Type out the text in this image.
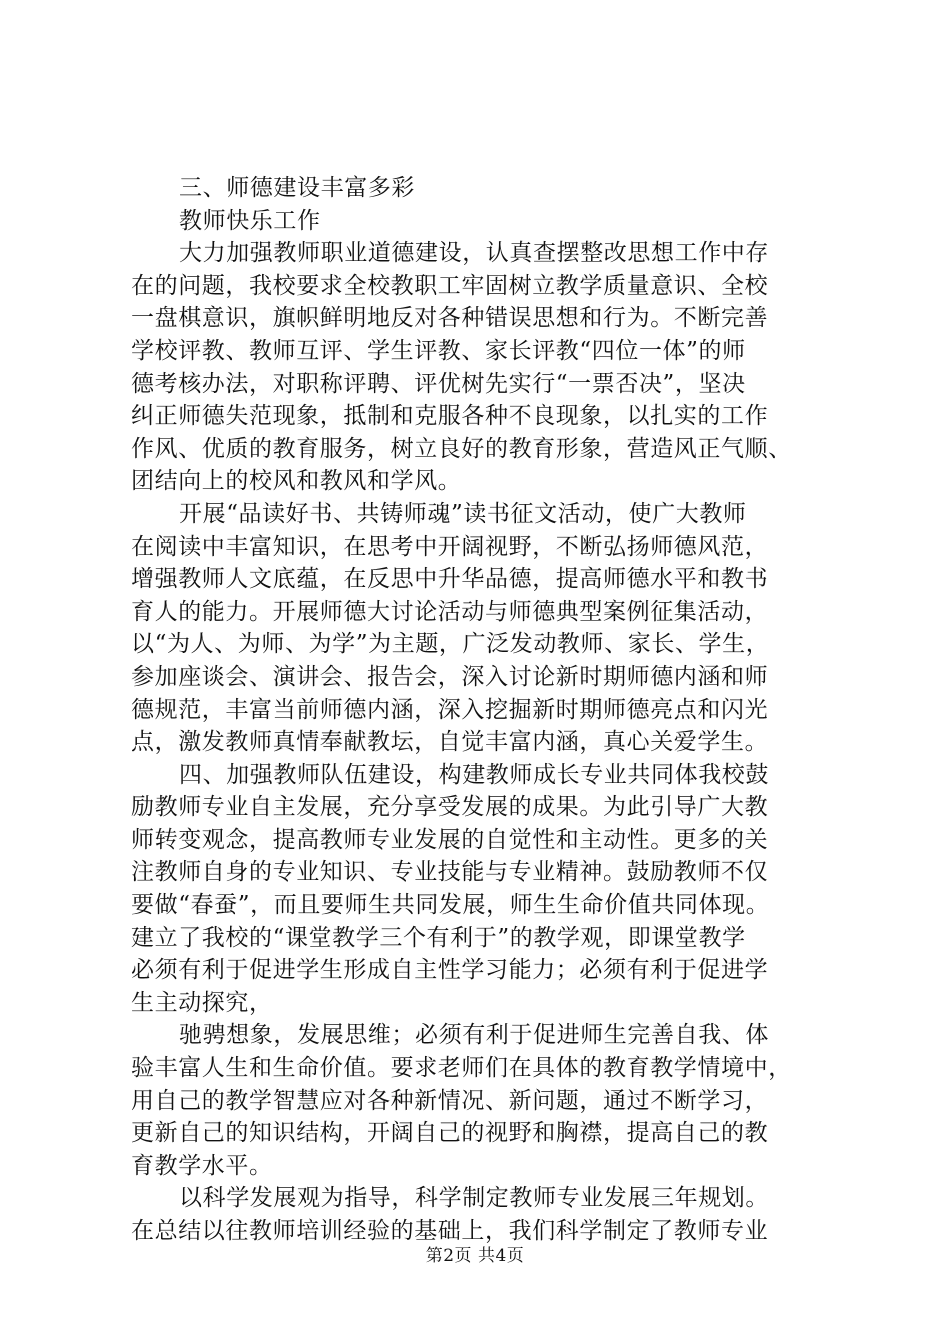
三、师德建设丰富多彩
教师快乐工作
大力加强教师职业道德建设，认真查摆整改思想工作中存
在的问题，我校要求全校教职工牢固树立教学质量意识、全校
一盘棋意识，旗帜鲜明地反对各种错误思想和行为。不断完善
学校评教、教师互评、学生评教、家长评教“四位一体”的师
德考核办法，对职称评聘、评优树先实行“一票否决”，坚决
纠正师德失范现象，抵制和克服各种不良现象，以扎实的工作
作风、优质的教育服务，树立良好的教育形象，营造风正气顺、
团结向上的校风和教风和学风。
开展“品读好书、共铸师魂”读书征文活动，使广大教师
在阅读中丰富知识，在思考中开阔视野，不断弘扬师德风范，
增强教师人文底蕴，在反思中升华品德，提高师德水平和教书
育人的能力。开展师德大讨论活动与师德典型案例征集活动，
以“为人、为师、为学”为主题，广泛发动教师、家长、学生，
参加座谈会、演讲会、报告会，深入讨论新时期师德内涵和师
德规范，丰富当前师德内涵，深入挖掘新时期师德亮点和闪光
点，激发教师真情奉献教坛，自觉丰富内涵，真心关爱学生。
四、加强教师队伍建设，构建教师成长专业共同体我校鼓
励教师专业自主发展，充分享受发展的成果。为此引导广大教
师转变观念，提高教师专业发展的自觉性和主动性。更多的关
注教师自身的专业知识、专业技能与专业精神。鼓励教师不仅
要做“春蚕”，而且要师生共同发展，师生生命价值共同体现。
建立了我校的“课堂教学三个有利于”的教学观，即课堂教学
必须有利于促进学生形成自主性学习能力；必须有利于促进学
生主动探究，
驰骋想象，发展思维；必须有利于促进师生完善自我、体
验丰富人生和生命价值。要求老师们在具体的教育教学情境中，
用自己的教学智慧应对各种新情况、新问题，通过不断学习，
更新自己的知识结构，开阔自己的视野和胸襟，提高自己的教
育教学水平。
以科学发展观为指导，科学制定教师专业发展三年规划。
在总结以往教师培训经验的基础上，我们科学制定了教师专业
第2页 共4页
